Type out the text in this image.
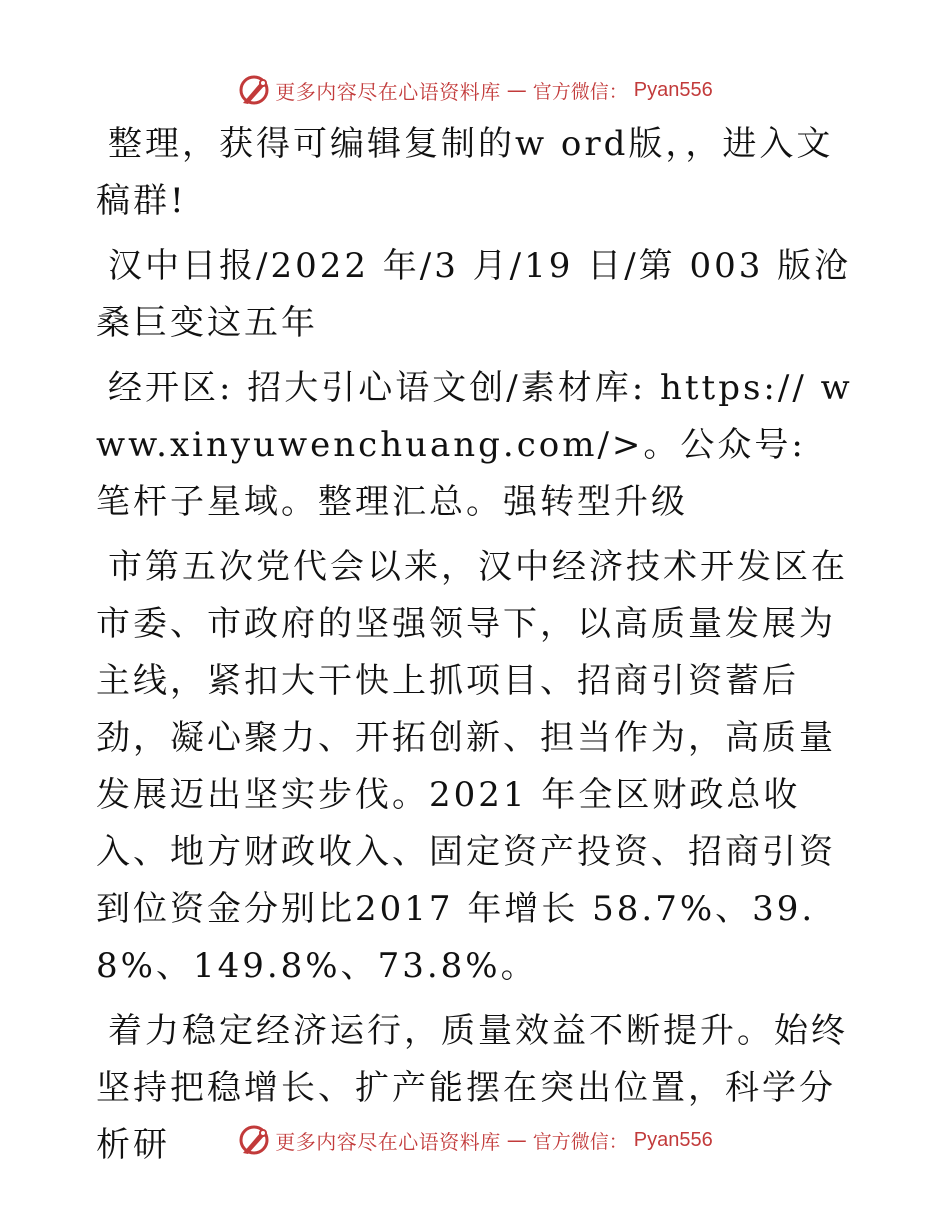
更多内容尽在心语资料库 — 官方微信： Pyan556

整理，获得可编辑复制的w ord版，，进入文稿群!

汉中日报/2022 年/3 月/19 日/第 003 版沧桑巨变这五年

经开区: 招大引心语文创/素材库: https:// www.xinyuwenchuang.com/>。公众号: 笔杆子星域。整理汇总。强转型升级

市第五次党代会以来，汉中经济技术开发区在市委、市政府的坚强领导下，以高质量发展为主线，紧扣大干快上抓项目、招商引资蓄后劲，凝心聚力、开拓创新、担当作为，高质量发展迈出坚实步伐。2021 年全区财政总收入、地方财政收入、固定资产投资、招商引资到位资金分别比2017 年增长 58.7%、39.8%、149.8%、73.8%。

着力稳定经济运行，质量效益不断提升。始终坚持把稳增长、扩产能摆在突出位置，科学分析研	更多内容尽在心语资料库 — 官方微信： Pyan556
